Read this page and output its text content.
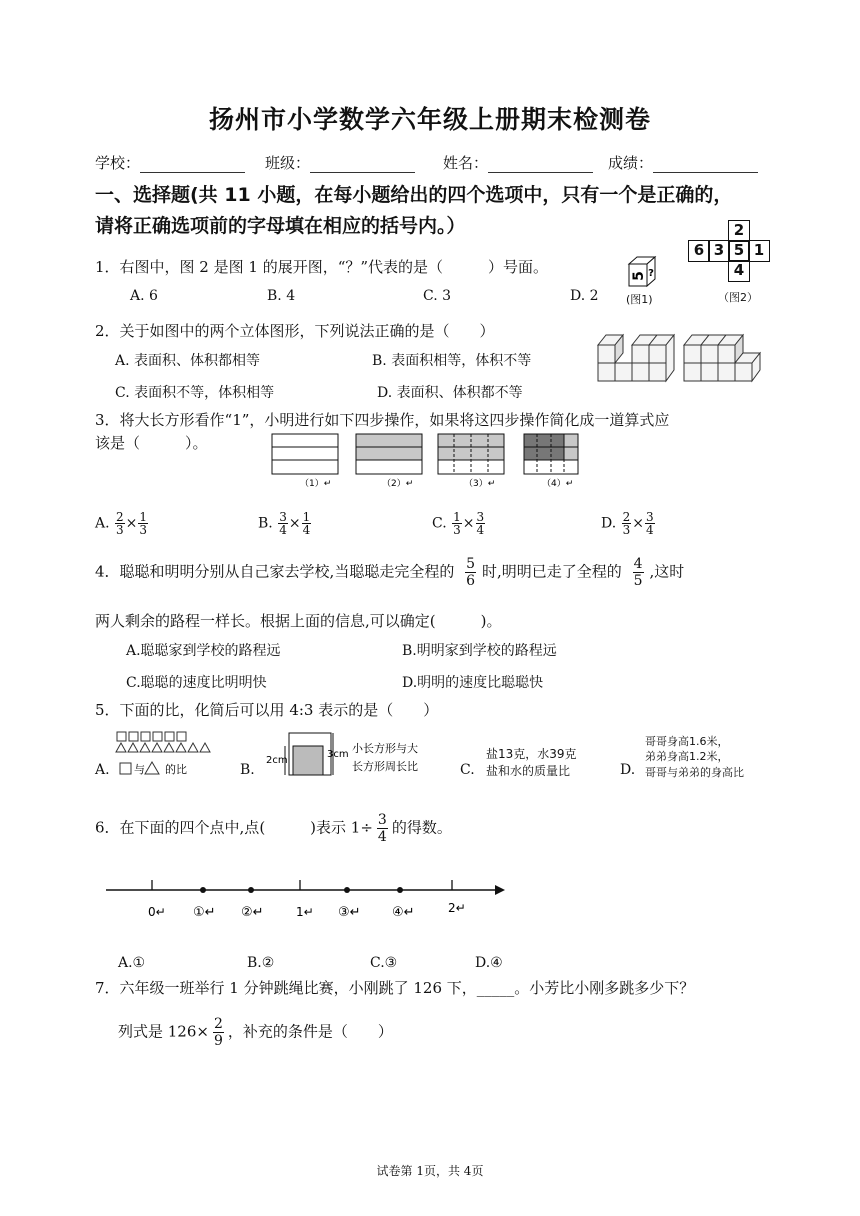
扬州市小学数学六年级上册期末检测卷
学校：	班级：	姓名：	成绩：
一、选择题(共 11 小题，在每小题给出的四个选项中，只有一个是正确的，
请将正确选项前的字母填在相应的括号内。）
1．右图中，图 2 是图 1 的展开图，“？”代表的是（　　　）号面。
A. 6	B. 4	C. 3	D. 2
5 ?
(图1)
2
6 3 5 1
4
（图2）
2．关于如图中的两个立体图形，下列说法正确的是（　　）
A. 表面积、体积都相等	B. 表面积相等，体积不等
C. 表面积不等，体积相等	D. 表面积、体积都不等
3．将大长方形看作“1”，小明进行如下四步操作，如果将这四步操作简化成一道算式应
该是（　　　）。
（1）↵	（2）↵	（3）↵	（4）↵
A. $\frac{2}{3} \times \frac{1}{3}$	B. $\frac{3}{4} \times \frac{1}{4}$	C. $\frac{1}{3} \times \frac{3}{4}$	D. $\frac{2}{3} \times \frac{3}{4}$
4．聪聪和明明分别从自己家去学校,当聪聪走完全程的 $\frac{5}{6}$ 时,明明已走了全程的 $\frac{4}{5}$ ,这时
两人剩余的路程一样长。根据上面的信息,可以确定(　　　)。
A.聪聪家到学校的路程远	B.明明家到学校的路程远
C.聪聪的速度比明明快	D.明明的速度比聪聪快
5．下面的比，化简后可以用 4:3 表示的是（　　）
A. 与 的比	B.
2cm
3cm 小长方形与大
长方形周长比	C.
盐13克，水39克
盐和水的质量比	D.
哥哥身高1.6米，
弟弟身高1.2米，
哥哥与弟弟的身高比
6．在下面的四个点中,点(　　　)表示 $1\div \frac{3}{4}$ 的得数。
0↵ ①↵ ②↵	1↵ ③↵ ④↵	2↵
A.①	B.②	C.③	D.④
7．六年级一班举行 1 分钟跳绳比赛，小刚跳了 126 下，_____。小芳比小刚多跳多少下？
列式是 $126\times \frac{2}{9}$ ，补充的条件是（　　）
试卷第 1页，共 4页
